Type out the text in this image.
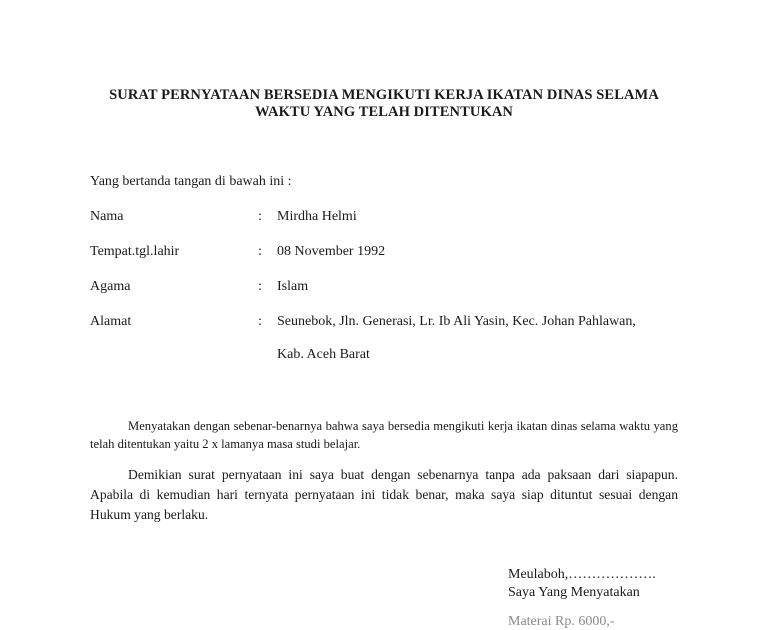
SURAT PERNYATAAN BERSEDIA MENGIKUTI KERJA IKATAN DINAS SELAMA
WAKTU YANG TELAH DITENTUKAN
Yang bertanda tangan di bawah ini :
Nama	: Mirdha Helmi
Tempat.tgl.lahir	: 08 November 1992
Agama	: Islam
Alamat	: Seunebok, Jln. Generasi, Lr. Ib Ali Yasin, Kec. Johan Pahlawan,
Kab. Aceh Barat
Menyatakan dengan sebenar-benarnya bahwa saya bersedia mengikuti kerja ikatan dinas selama waktu yang telah ditentukan yaitu 2 x lamanya masa studi belajar.
Demikian surat pernyataan ini saya buat dengan sebenarnya tanpa ada paksaan dari siapapun. Apabila di kemudian hari ternyata pernyataan ini tidak benar, maka saya siap dituntut sesuai dengan Hukum yang berlaku.
Meulaboh,……………….
Saya Yang Menyatakan
Materai Rp. 6000,-
